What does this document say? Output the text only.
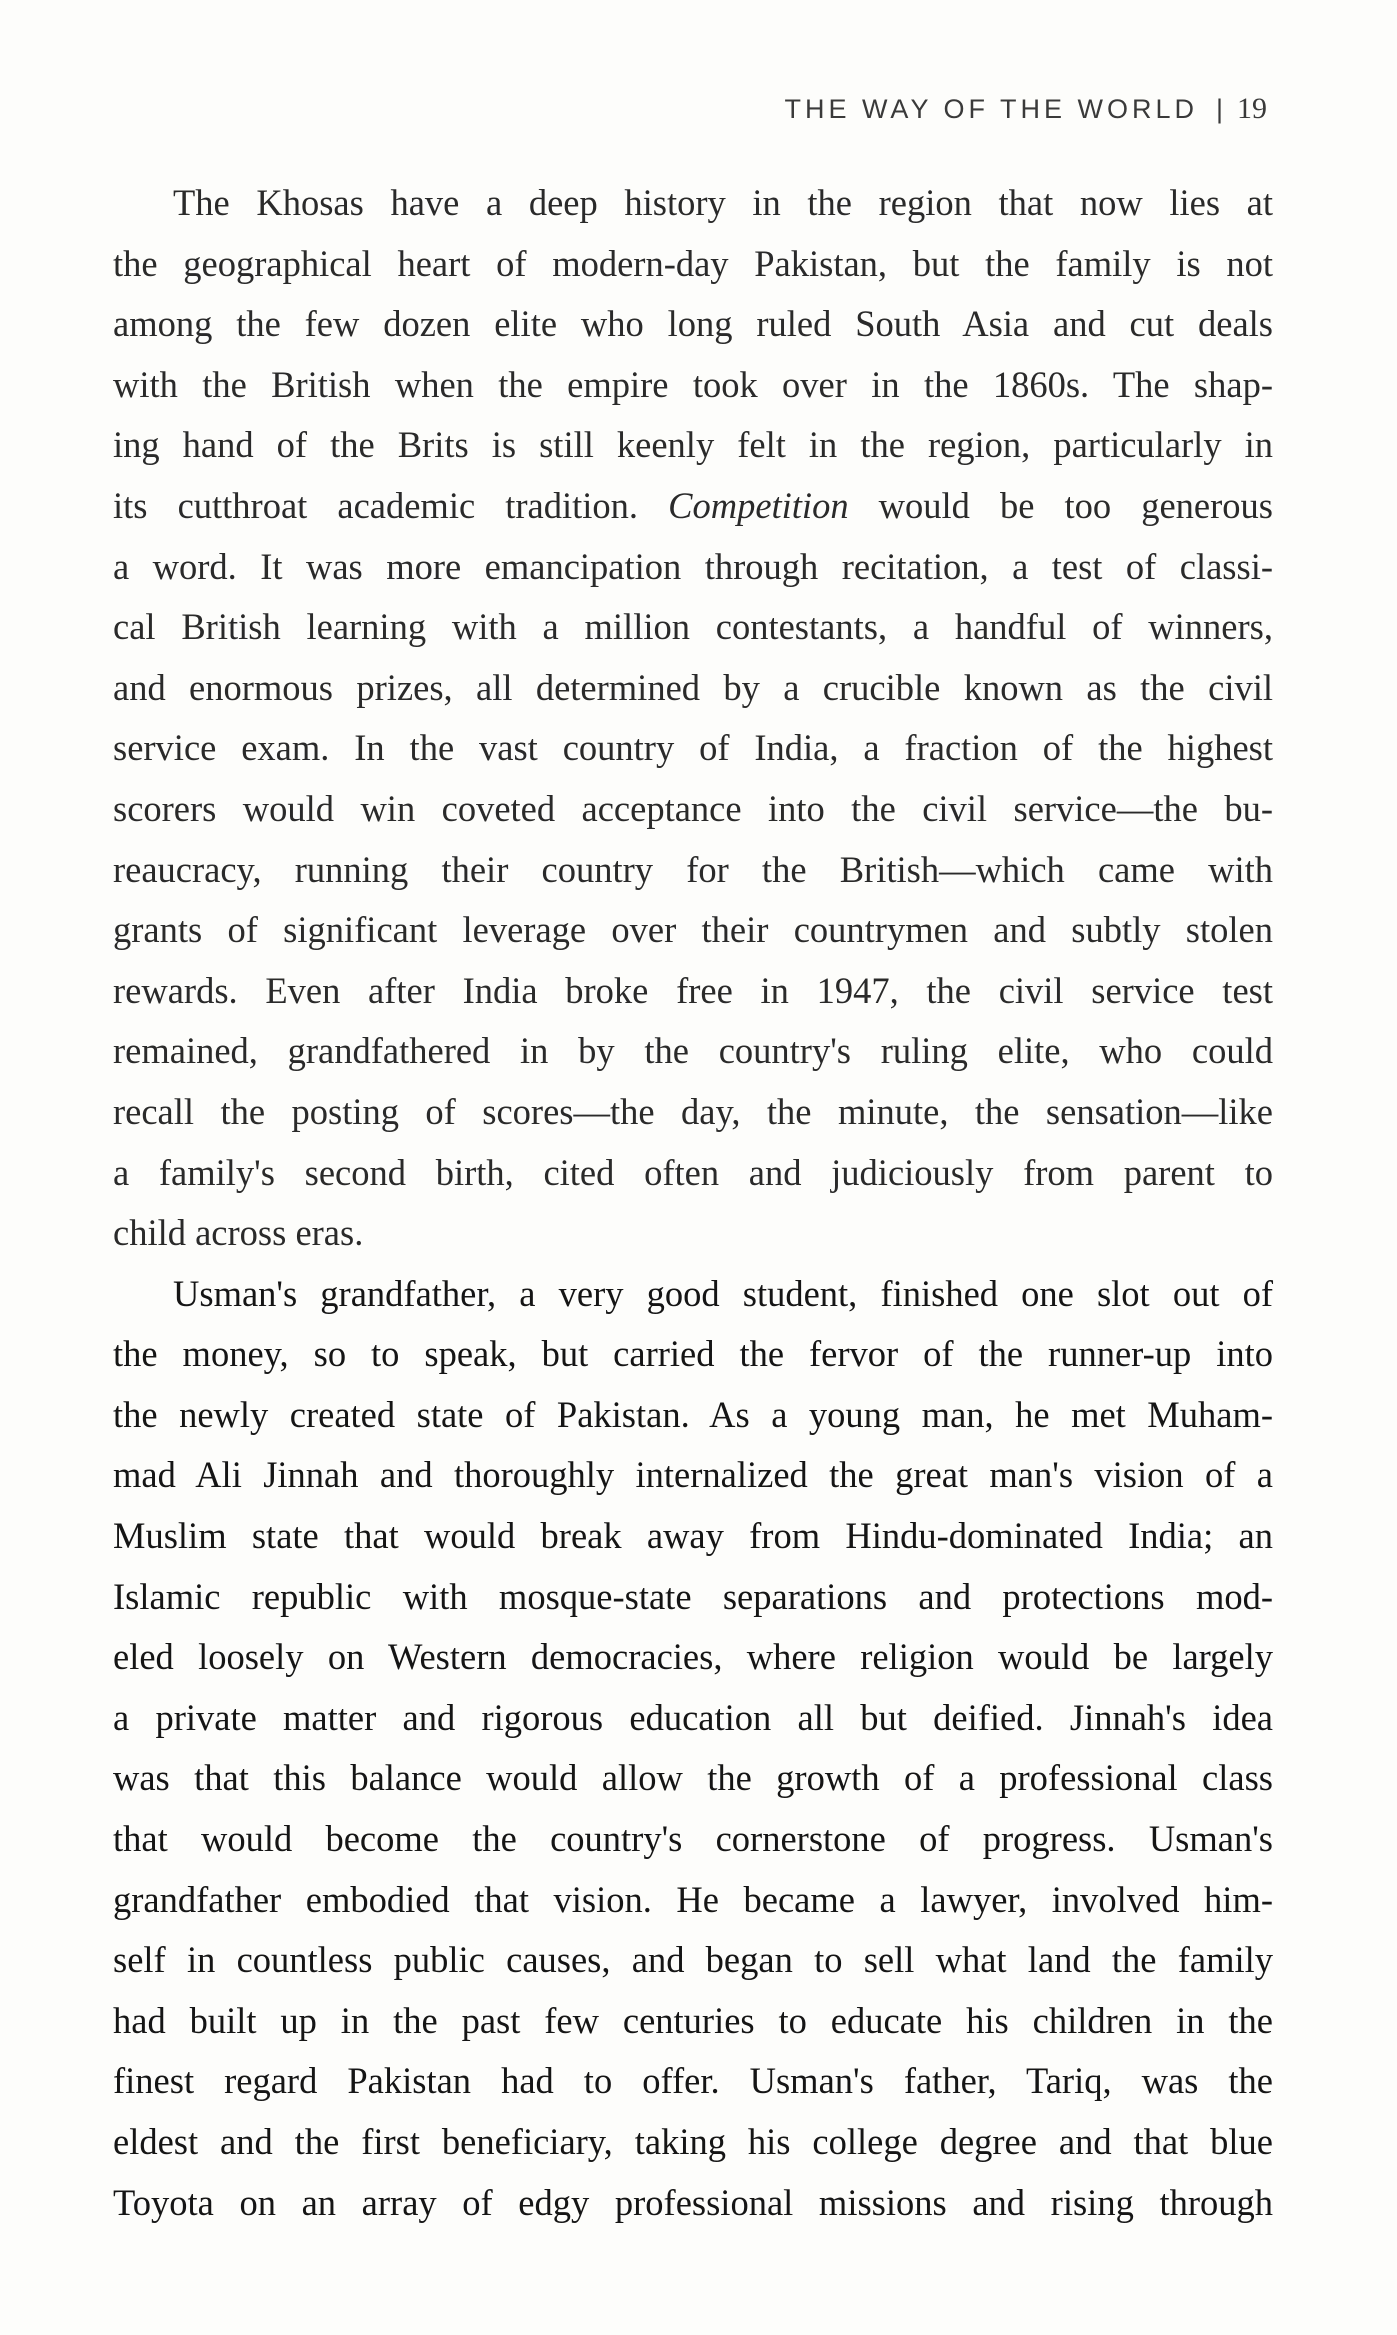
THE WAY OF THE WORLD | 19
The Khosas have a deep history in the region that now lies at
the geographical heart of modern-day Pakistan, but the family is not
among the few dozen elite who long ruled South Asia and cut deals
with the British when the empire took over in the 1860s. The shap-
ing hand of the Brits is still keenly felt in the region, particularly in
its cutthroat academic tradition. Competition would be too generous
a word. It was more emancipation through recitation, a test of classi-
cal British learning with a million contestants, a handful of winners,
and enormous prizes, all determined by a crucible known as the civil
service exam. In the vast country of India, a fraction of the highest
scorers would win coveted acceptance into the civil service—the bu-
reaucracy, running their country for the British—which came with
grants of significant leverage over their countrymen and subtly stolen
rewards. Even after India broke free in 1947, the civil service test
remained, grandfathered in by the country's ruling elite, who could
recall the posting of scores—the day, the minute, the sensation—like
a family's second birth, cited often and judiciously from parent to
child across eras.
Usman's grandfather, a very good student, finished one slot out of
the money, so to speak, but carried the fervor of the runner-up into
the newly created state of Pakistan. As a young man, he met Muham-
mad Ali Jinnah and thoroughly internalized the great man's vision of a
Muslim state that would break away from Hindu-dominated India; an
Islamic republic with mosque-state separations and protections mod-
eled loosely on Western democracies, where religion would be largely
a private matter and rigorous education all but deified. Jinnah's idea
was that this balance would allow the growth of a professional class
that would become the country's cornerstone of progress. Usman's
grandfather embodied that vision. He became a lawyer, involved him-
self in countless public causes, and began to sell what land the family
had built up in the past few centuries to educate his children in the
finest regard Pakistan had to offer. Usman's father, Tariq, was the
eldest and the first beneficiary, taking his college degree and that blue
Toyota on an array of edgy professional missions and rising through
